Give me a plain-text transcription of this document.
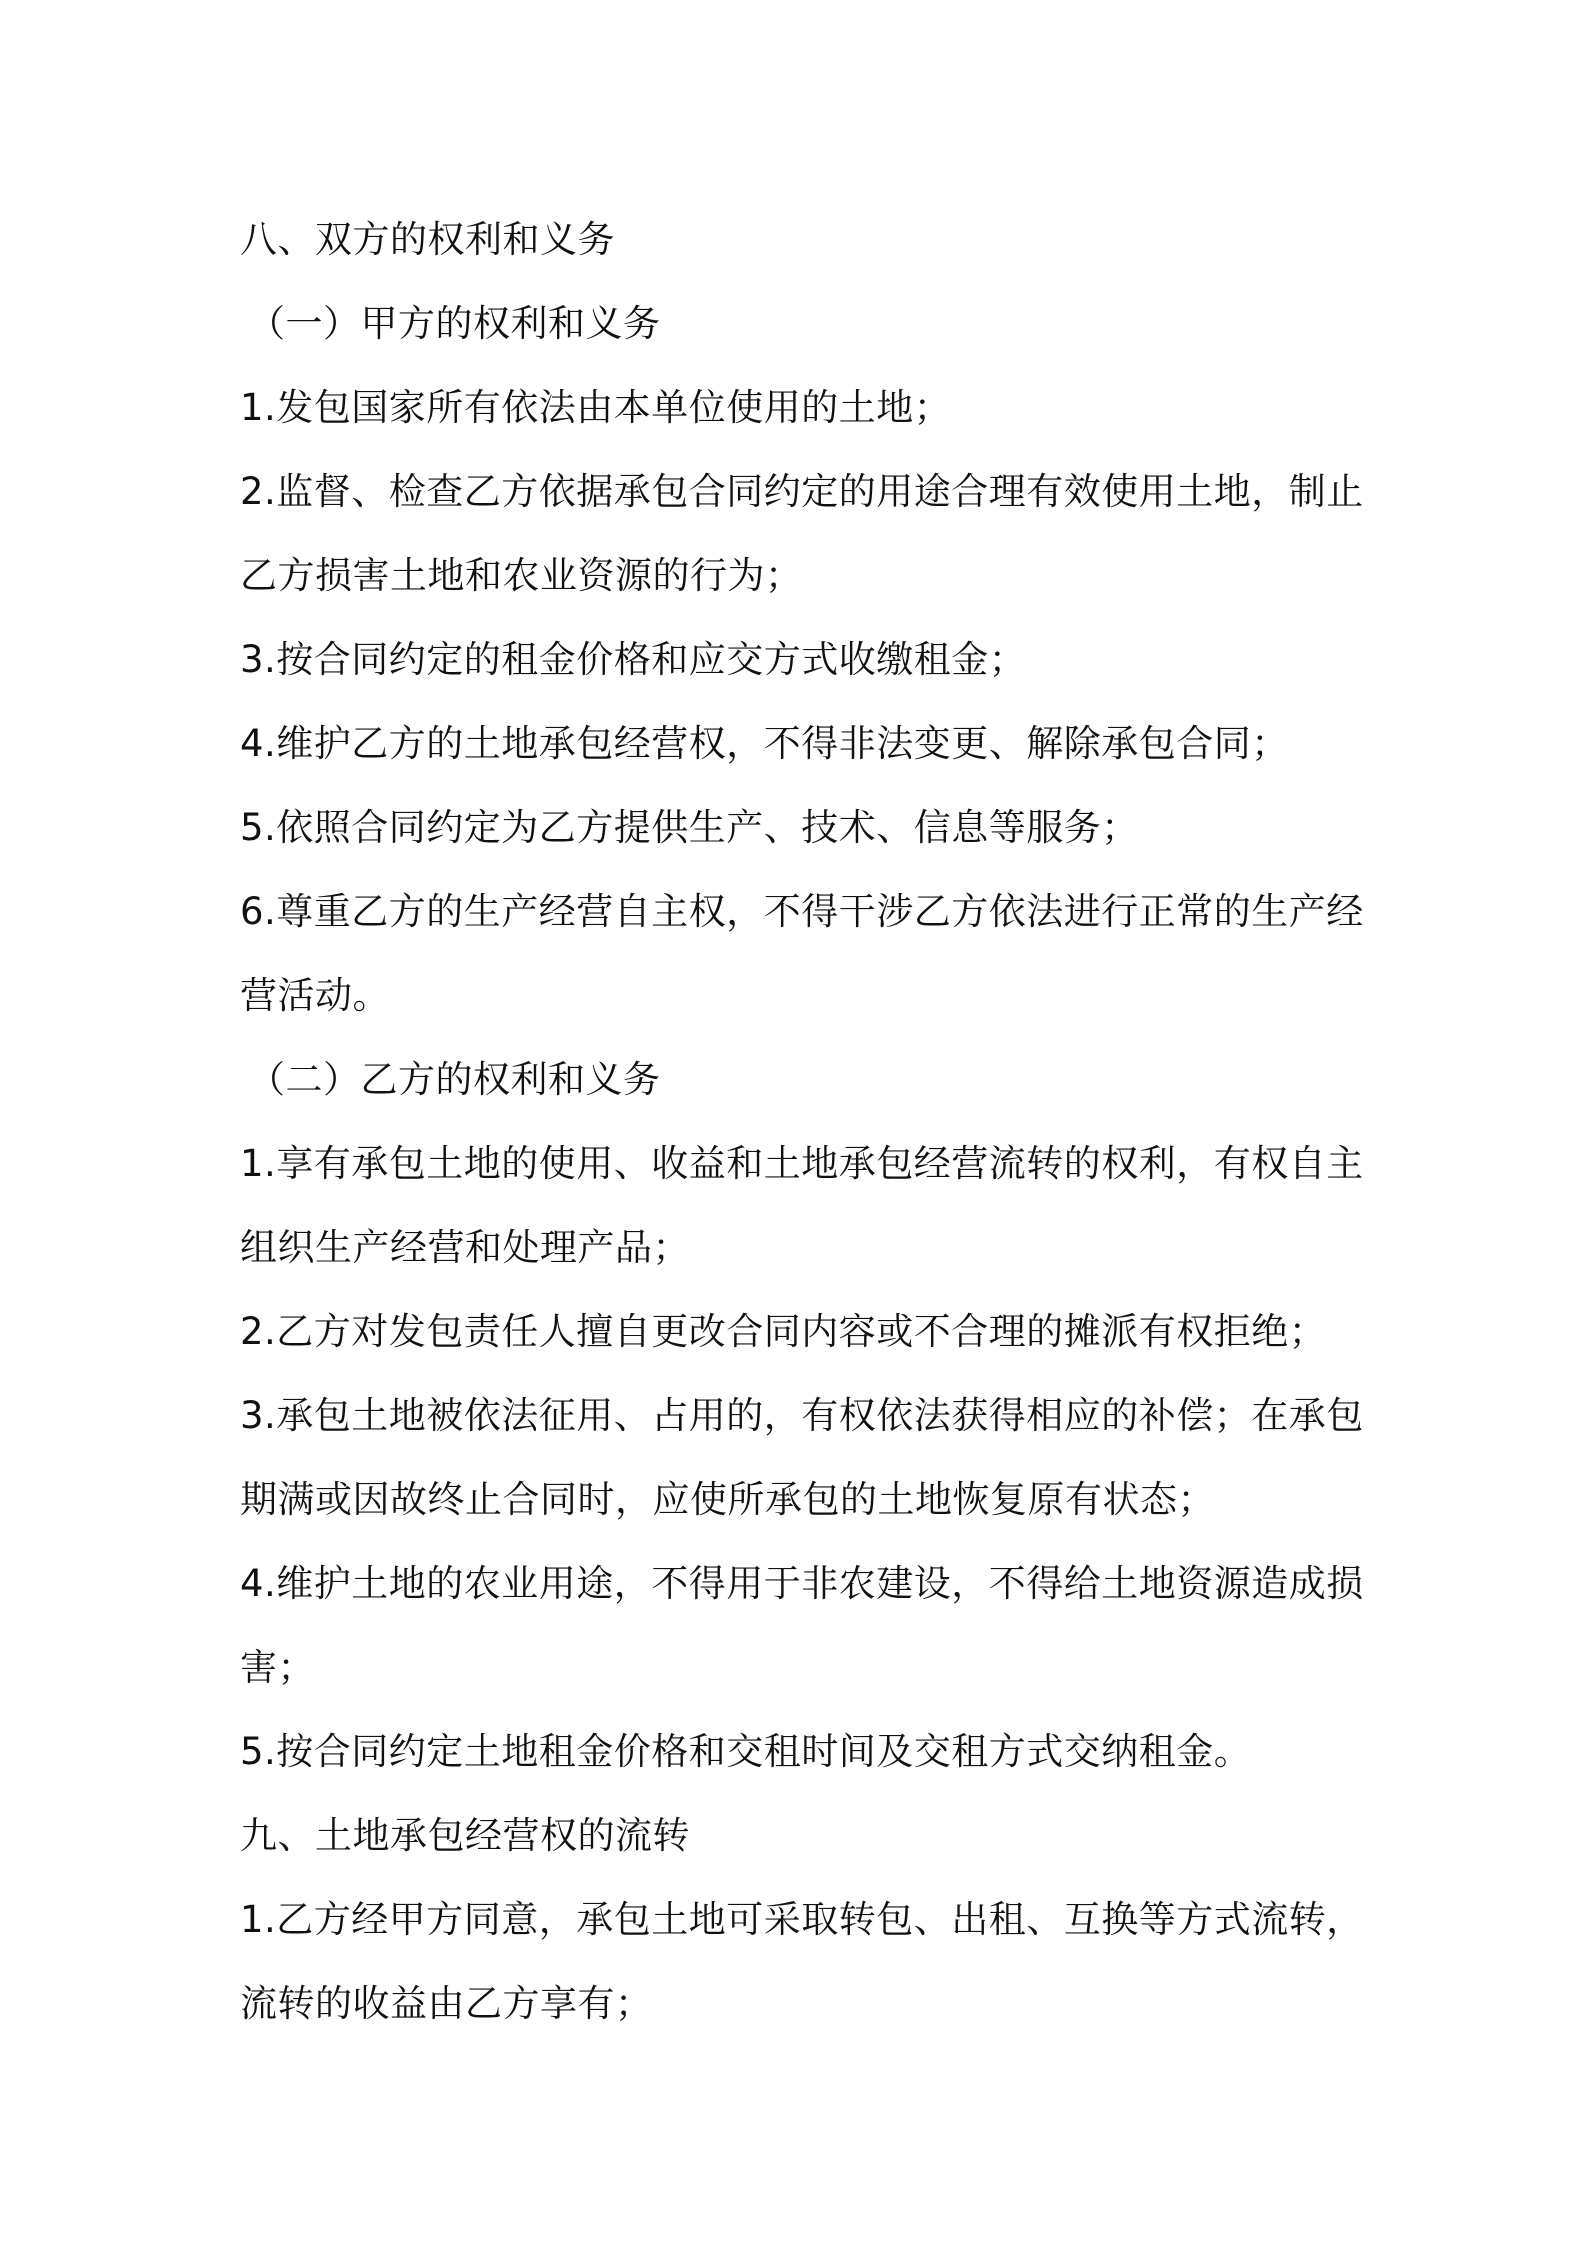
八、双方的权利和义务
（一）甲方的权利和义务
1.发包国家所有依法由本单位使用的土地；
2.监督、检查乙方依据承包合同约定的用途合理有效使用土地，制止
乙方损害土地和农业资源的行为；
3.按合同约定的租金价格和应交方式收缴租金；
4.维护乙方的土地承包经营权，不得非法变更、解除承包合同；
5.依照合同约定为乙方提供生产、技术、信息等服务；
6.尊重乙方的生产经营自主权，不得干涉乙方依法进行正常的生产经
营活动。
（二）乙方的权利和义务
1.享有承包土地的使用、收益和土地承包经营流转的权利，有权自主
组织生产经营和处理产品；
2.乙方对发包责任人擅自更改合同内容或不合理的摊派有权拒绝；
3.承包土地被依法征用、占用的，有权依法获得相应的补偿；在承包
期满或因故终止合同时，应使所承包的土地恢复原有状态；
4.维护土地的农业用途，不得用于非农建设，不得给土地资源造成损
害；
5.按合同约定土地租金价格和交租时间及交租方式交纳租金。
九、土地承包经营权的流转
1.乙方经甲方同意，承包土地可采取转包、出租、互换等方式流转，
流转的收益由乙方享有；
